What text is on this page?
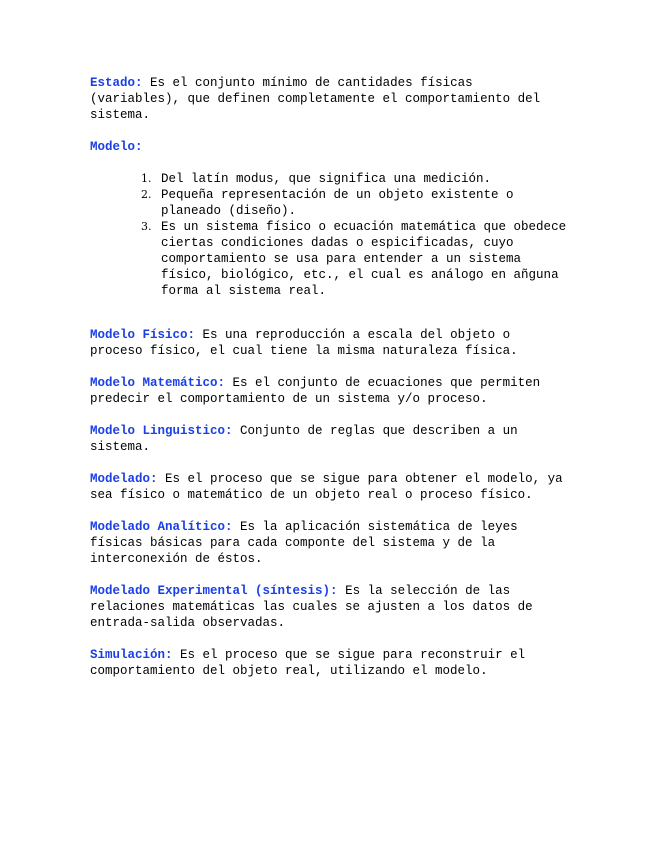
Estado: Es el conjunto mínimo de cantidades físicas (variables), que definen completamente el comportamiento del sistema.

Modelo:

1. Del latín modus, que significa una medición.
2. Pequeña representación de un objeto existente o planeado (diseño).
3. Es un sistema físico o ecuación matemática que obedece ciertas condiciones dadas o espicificadas, cuyo comportamiento se usa para entender a un sistema físico, biológico, etc., el cual es análogo en añguna forma al sistema real.

Modelo Físico: Es una reproducción a escala del objeto o proceso físico, el cual tiene la misma naturaleza física.

Modelo Matemático: Es el conjunto de ecuaciones que permiten predecir el comportamiento de un sistema y/o proceso.

Modelo Linguistico: Conjunto de reglas que describen a un sistema.

Modelado: Es el proceso que se sigue para obtener el modelo, ya sea físico o matemático de un objeto real o proceso físico.

Modelado Analítico: Es la aplicación sistemática de leyes físicas básicas para cada componte del sistema y de la interconexión de éstos.

Modelado Experimental (síntesis): Es la selección de las relaciones matemáticas las cuales se ajusten a los datos de entrada-salida observadas.

Simulación: Es el proceso que se sigue para reconstruir el comportamiento del objeto real, utilizando el modelo.
